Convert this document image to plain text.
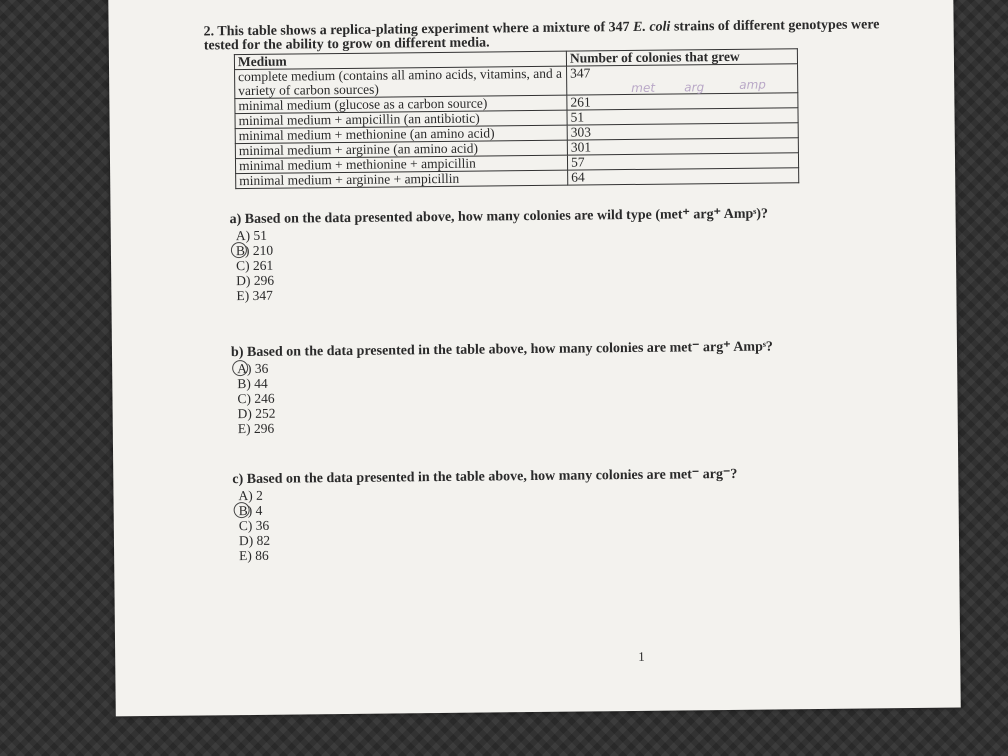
2. This table shows a replica-plating experiment where a mixture of 347 E. coli strains of different genotypes were tested for the ability to grow on different media.
Medium	Number of colonies that grew
complete medium (contains all amino acids, vitamins, and a variety of carbon sources)	347
minimal medium (glucose as a carbon source)	261
minimal medium + ampicillin (an antibiotic)	51
minimal medium + methionine (an amino acid)	303
minimal medium + arginine (an amino acid)	301
minimal medium + methionine + ampicillin	57
minimal medium + arginine + ampicillin	64
met arg	amp
a) Based on the data presented above, how many colonies are wild type (met⁺ arg⁺ Ampˢ)?
A) 51
B) 210
C) 261
D) 296
E) 347
b) Based on the data presented in the table above, how many colonies are met⁻ arg⁺ Ampˢ?
A) 36
B) 44
C) 246
D) 252
E) 296
c) Based on the data presented in the table above, how many colonies are met⁻ arg⁻?
A) 2
B) 4
C) 36
D) 82
E) 86
1
